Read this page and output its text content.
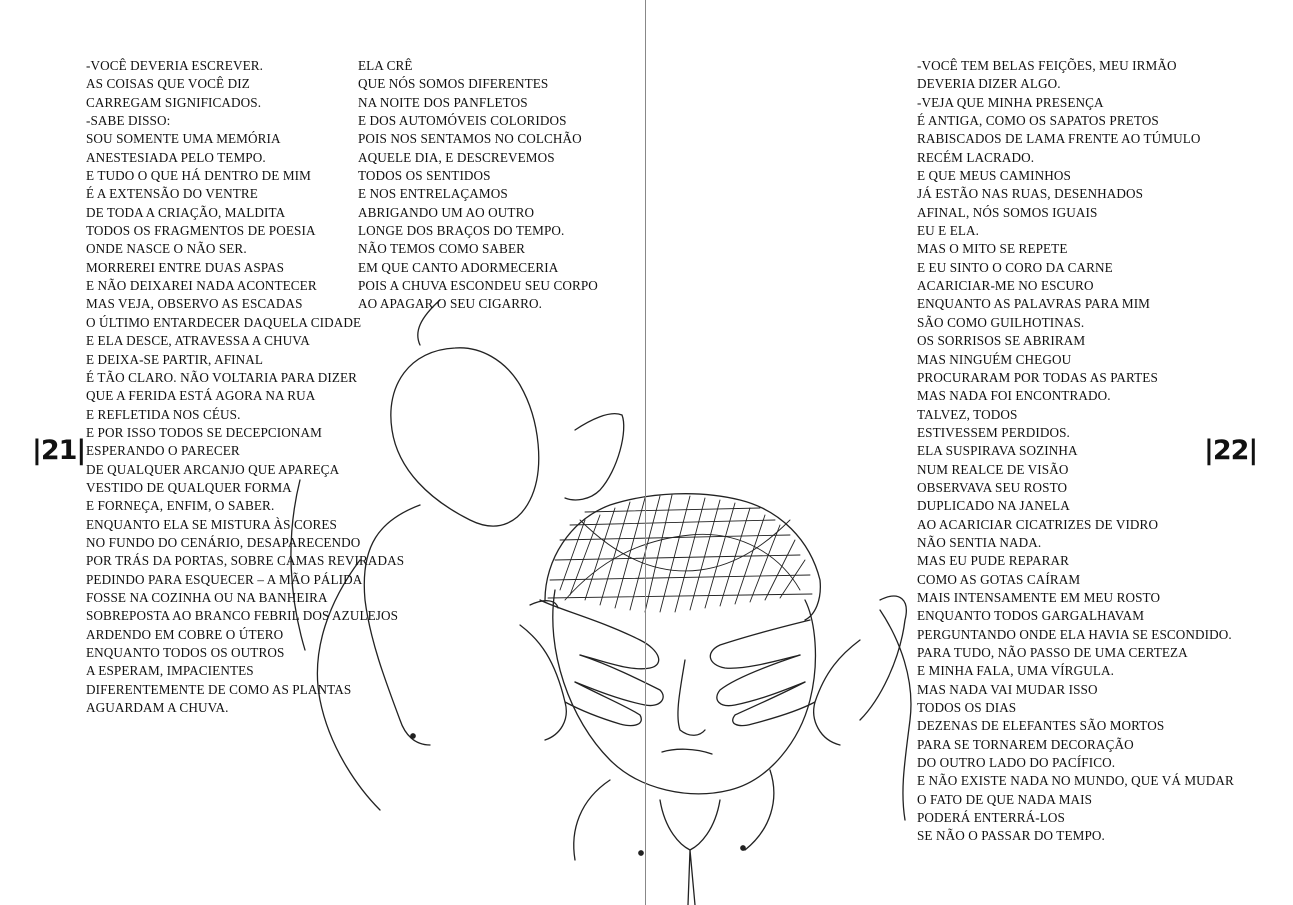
-VOCÊ DEVERIA ESCREVER.
AS COISAS QUE VOCÊ DIZ
CARREGAM SIGNIFICADOS.
-SABE DISSO:
SOU SOMENTE UMA MEMÓRIA
ANESTESIADA PELO TEMPO.
E TUDO O QUE HÁ DENTRO DE MIM
É A EXTENSÃO DO VENTRE
DE TODA A CRIAÇÃO, MALDITA
TODOS OS FRAGMENTOS DE POESIA
ONDE NASCE O NÃO SER.
MORREREI ENTRE DUAS ASPAS
E NÃO DEIXAREI NADA ACONTECER
MAS VEJA, OBSERVO AS ESCADAS
O ÚLTIMO ENTARDECER DAQUELA CIDADE
E ELA DESCE, ATRAVESSA A CHUVA
E DEIXA-SE PARTIR, AFINAL
É TÃO CLARO. NÃO VOLTARIA PARA DIZER
QUE A FERIDA ESTÁ AGORA NA RUA
E REFLETIDA NOS CÉUS.
E POR ISSO TODOS SE DECEPCIONAM
ESPERANDO O PARECER
DE QUALQUER ARCANJO QUE APAREÇA
VESTIDO DE QUALQUER FORMA
E FORNEÇA, ENFIM, O SABER.
ENQUANTO ELA SE MISTURA ÀS CORES
NO FUNDO DO CENÁRIO, DESAPARECENDO
POR TRÁS DA PORTAS, SOBRE CAMAS REVIRADAS
PEDINDO PARA ESQUECER – A MÃO PÁLIDA
FOSSE NA COZINHA OU NA BANHEIRA
SOBREPOSTA AO BRANCO FEBRIL DOS AZULEJOS
ARDENDO EM COBRE O ÚTERO
ENQUANTO TODOS OS OUTROS
A ESPERAM, IMPACIENTES
DIFERENTEMENTE DE COMO AS PLANTAS
AGUARDAM A CHUVA.
ELA CRÊ
QUE NÓS SOMOS DIFERENTES
NA NOITE DOS PANFLETOS
E DOS AUTOMÓVEIS COLORIDOS
POIS NOS SENTAMOS NO COLCHÃO
AQUELE DIA, E DESCREVEMOS
TODOS OS SENTIDOS
E NOS ENTRELAÇAMOS
ABRIGANDO UM AO OUTRO
LONGE DOS BRAÇOS DO TEMPO.
NÃO TEMOS COMO SABER
EM QUE CANTO ADORMECERIA
POIS A CHUVA ESCONDEU SEU CORPO
AO APAGAR O SEU CIGARRO.
|21|
-VOCÊ TEM BELAS FEIÇÕES, MEU IRMÃO
DEVERIA DIZER ALGO.
-VEJA QUE MINHA PRESENÇA
É ANTIGA, COMO OS SAPATOS PRETOS
RABISCADOS DE LAMA FRENTE AO TÚMULO
RECÉM LACRADO.
E QUE MEUS CAMINHOS
JÁ ESTÃO NAS RUAS, DESENHADOS
AFINAL, NÓS SOMOS IGUAIS
EU E ELA.
MAS O MITO SE REPETE
E EU SINTO O CORO DA CARNE
ACARICIAR-ME NO ESCURO
ENQUANTO AS PALAVRAS PARA MIM
SÃO COMO GUILHOTINAS.
OS SORRISOS SE ABRIRAM
MAS NINGUÉM CHEGOU
PROCURARAM POR TODAS AS PARTES
MAS NADA FOI ENCONTRADO.
TALVEZ, TODOS
ESTIVESSEM PERDIDOS.
ELA SUSPIRAVA SOZINHA
NUM REALCE DE VISÃO
OBSERVAVA SEU ROSTO
DUPLICADO NA JANELA
AO ACARICIAR CICATRIZES DE VIDRO
NÃO SENTIA NADA.
MAS EU PUDE REPARAR
COMO AS GOTAS CAÍRAM
MAIS INTENSAMENTE EM MEU ROSTO
ENQUANTO TODOS GARGALHAVAM
PERGUNTANDO ONDE ELA HAVIA SE ESCONDIDO.
PARA TUDO, NÃO PASSO DE UMA CERTEZA
E MINHA FALA, UMA VÍRGULA.
MAS NADA VAI MUDAR ISSO
TODOS OS DIAS
DEZENAS DE ELEFANTES SÃO MORTOS
PARA SE TORNAREM DECORAÇÃO
DO OUTRO LADO DO PACÍFICO.
E NÃO EXISTE NADA NO MUNDO, QUE VÁ MUDAR
O FATO DE QUE NADA MAIS
PODERÁ ENTERRÁ-LOS
SE NÃO O PASSAR DO TEMPO.
|22|
